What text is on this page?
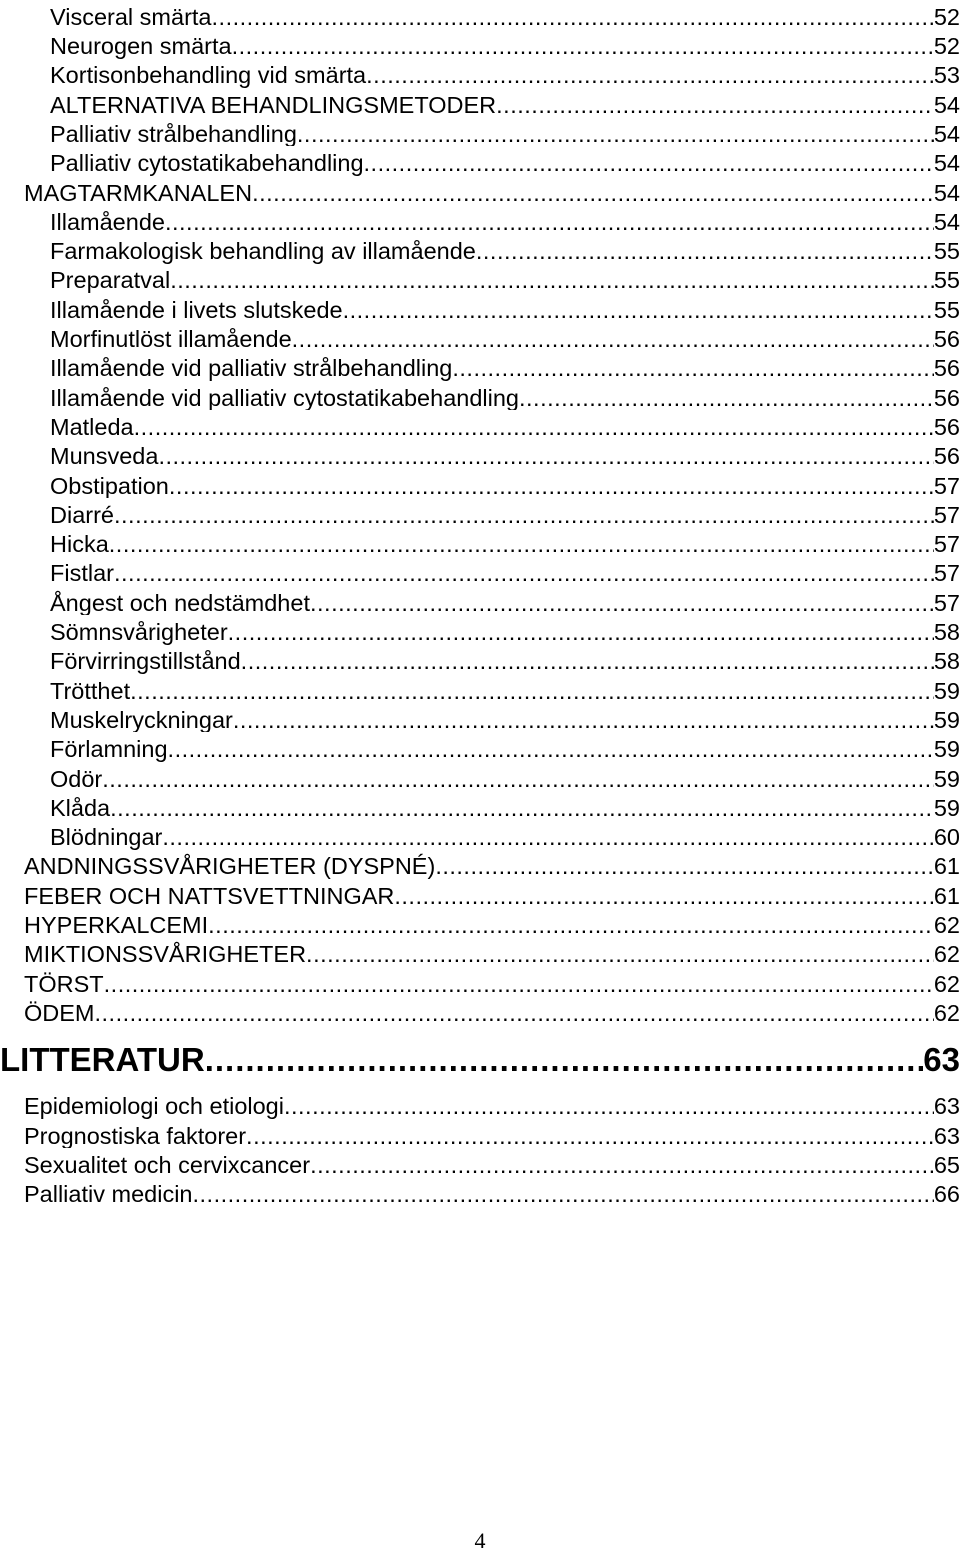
Visceral smärta .....	52
Neurogen smärta .....	52
Kortisonbehandling vid smärta .....	53
ALTERNATIVA BEHANDLINGSMETODER .....	54
Palliativ strålbehandling .....	54
Palliativ cytostatikabehandling .....	54
MAGTARMKANALEN .....	54
Illamående .....	54
Farmakologisk behandling av illamående .....	55
Preparatval .....	55
Illamående i livets slutskede .....	55
Morfinutlöst illamående .....	56
Illamående vid palliativ strålbehandling .....	56
Illamående vid palliativ cytostatikabehandling .....	56
Matleda .....	56
Munsveda .....	56
Obstipation .....	57
Diarré .....	57
Hicka .....	57
Fistlar .....	57
Ångest och nedstämdhet .....	57
Sömnsvårigheter .....	58
Förvirringstillstånd .....	58
Trötthet .....	59
Muskelryckningar .....	59
Förlamning .....	59
Odör .....	59
Klåda .....	59
Blödningar .....	60
ANDNINGSSVÅRIGHETER (DYSPNÉ) .....	61
FEBER OCH NATTSVETTNINGAR .....	61
HYPERKALCEMI .....	62
MIKTIONSSVÅRIGHETER .....	62
TÖRST .....	62
ÖDEM .....	62
LITTERATUR .....	63
Epidemiologi och etiologi .....	63
Prognostiska faktorer .....	63
Sexualitet och cervixcancer .....	65
Palliativ medicin .....	66
4
